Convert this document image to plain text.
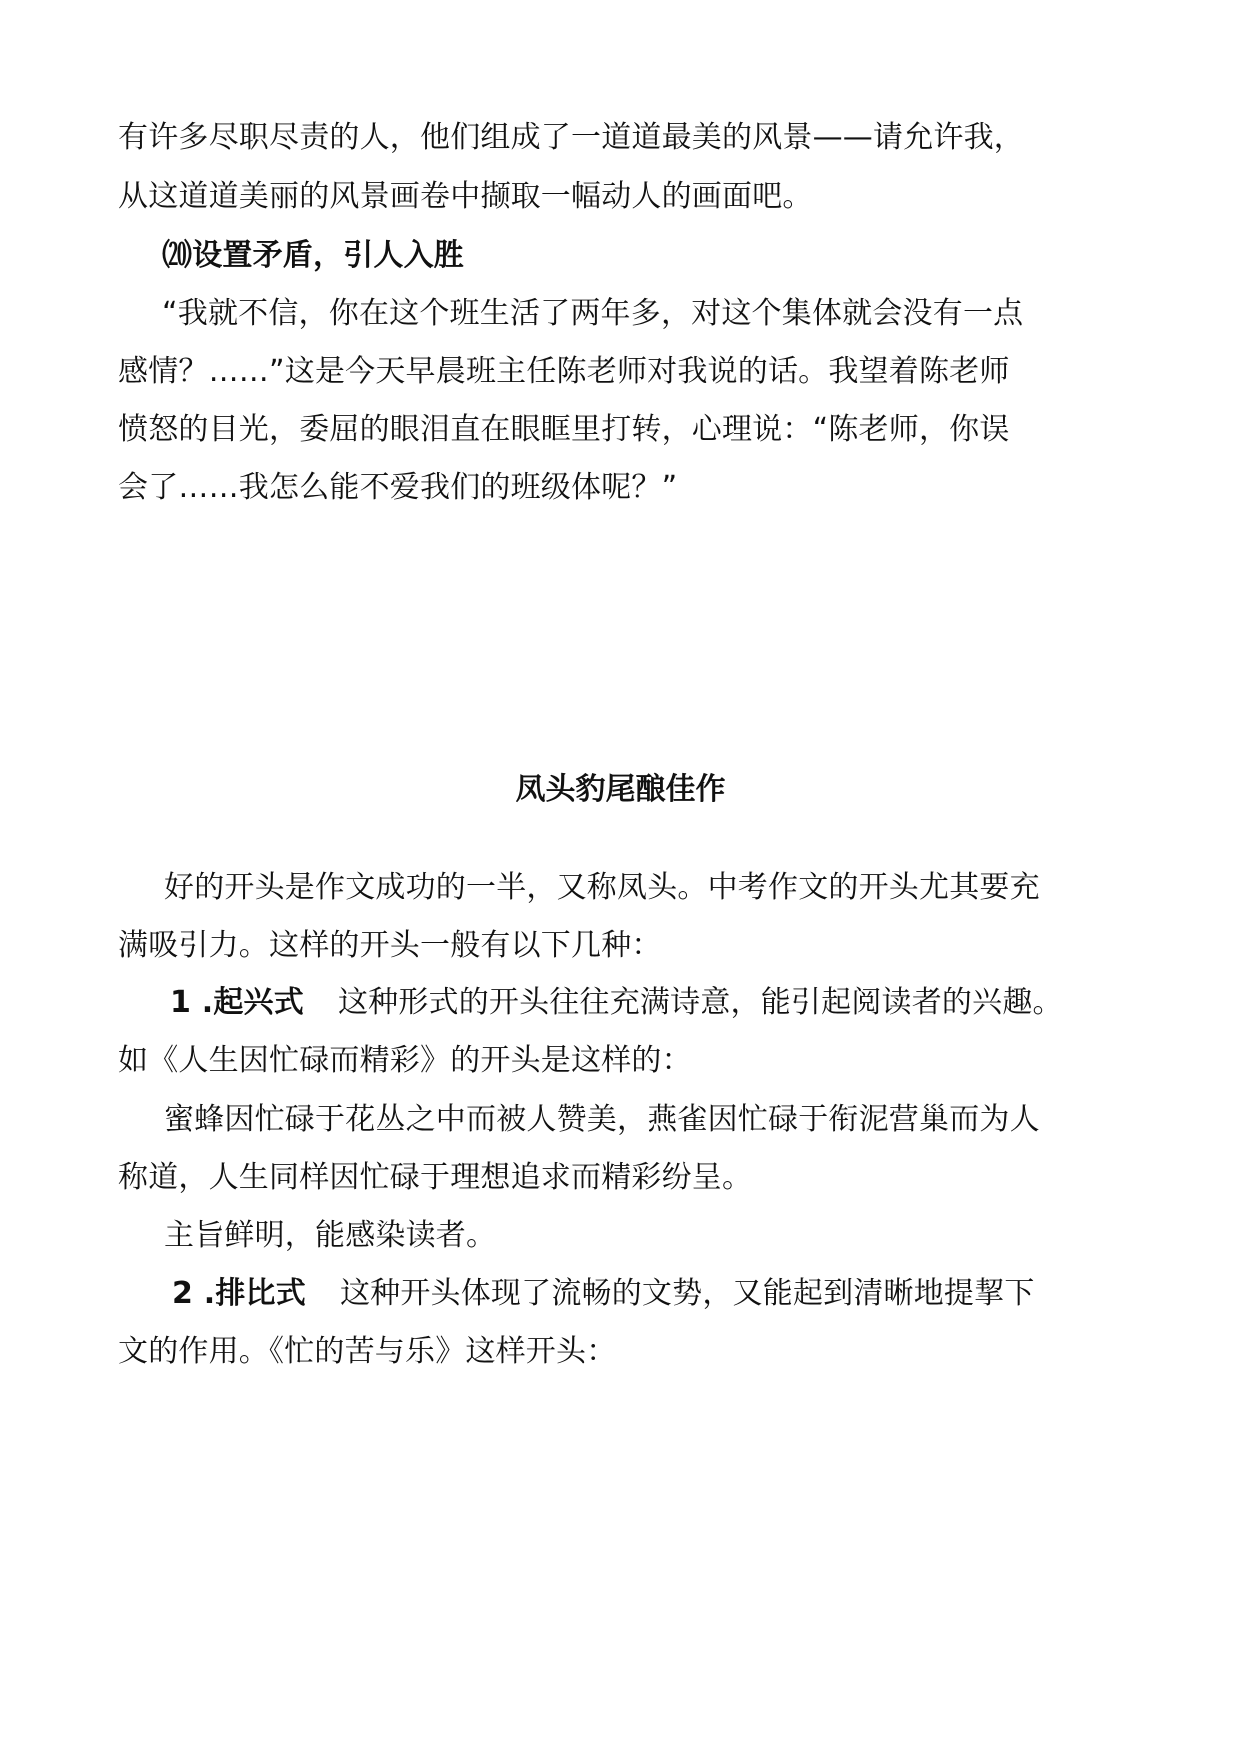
有许多尽职尽责的人，他们组成了一道道最美的风景——请允许我，
从这道道美丽的风景画卷中撷取一幅动人的画面吧。
⒇设置矛盾，引人入胜
“我就不信，你在这个班生活了两年多，对这个集体就会没有一点
感情？……”这是今天早晨班主任陈老师对我说的话。我望着陈老师
愤怒的目光，委屈的眼泪直在眼眶里打转，心理说：“陈老师，你误
会了……我怎么能不爱我们的班级体呢？”
凤头豹尾酿佳作
好的开头是作文成功的一半，又称凤头。中考作文的开头尤其要充
满吸引力。这样的开头一般有以下几种：
1 .起兴式 这种形式的开头往往充满诗意，能引起阅读者的兴趣。
如《人生因忙碌而精彩》的开头是这样的：
蜜蜂因忙碌于花丛之中而被人赞美，燕雀因忙碌于衔泥营巢而为人
称道，人生同样因忙碌于理想追求而精彩纷呈。
主旨鲜明，能感染读者。
2 .排比式 这种开头体现了流畅的文势，又能起到清晰地提挈下
文的作用。《忙的苦与乐》这样开头：
